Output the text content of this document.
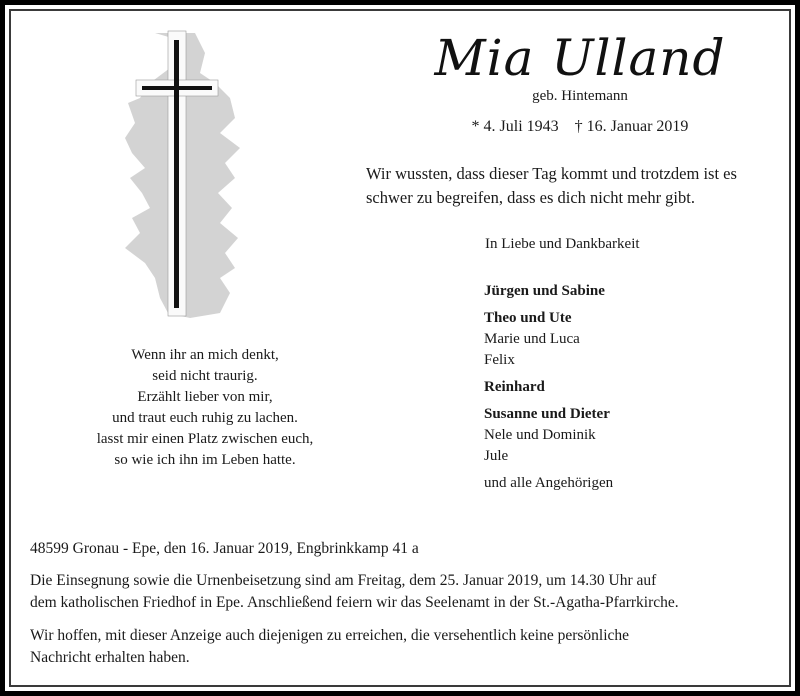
Mia Ulland
geb. Hintemann
* 4. Juli 1943 † 16. Januar 2019
Wir wussten, dass dieser Tag kommt und trotzdem ist es
schwer zu begreifen, dass es dich nicht mehr gibt.
In Liebe und Dankbarkeit
Jürgen und Sabine
Theo und Ute
Marie und Luca
Felix
Reinhard
Susanne und Dieter
Nele und Dominik
Jule
und alle Angehörigen
Wenn ihr an mich denkt,
seid nicht traurig.
Erzählt lieber von mir,
und traut euch ruhig zu lachen.
lasst mir einen Platz zwischen euch,
so wie ich ihn im Leben hatte.
48599 Gronau - Epe, den 16. Januar 2019, Engbrinkkamp 41 a
Die Einsegnung sowie die Urnenbeisetzung sind am Freitag, dem 25. Januar 2019, um 14.30 Uhr auf
dem katholischen Friedhof in Epe. Anschließend feiern wir das Seelenamt in der St.-Agatha-Pfarrkirche.
Wir hoffen, mit dieser Anzeige auch diejenigen zu erreichen, die versehentlich keine persönliche
Nachricht erhalten haben.
